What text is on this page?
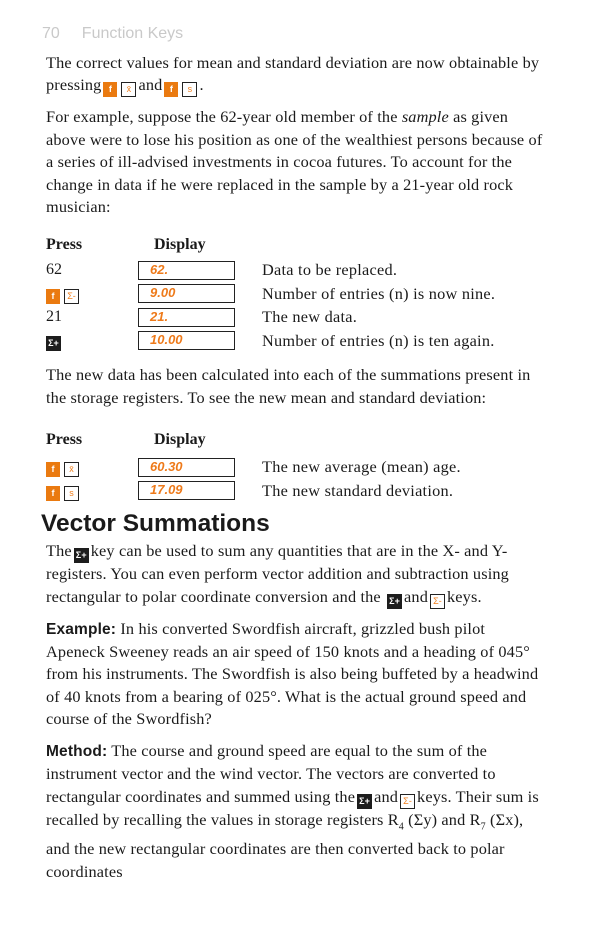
70 Function Keys

The correct values for mean and standard deviation are now obtainable by pressing f x̄ and f s .

For example, suppose the 62-year old member of the sample as given above were to lose his position as one of the wealthiest persons because of a series of ill-advised investments in cocoa futures. To account for the change in data if he were replaced in the sample by a 21-year old rock musician:

Press	Display
62	62.	Data to be replaced.
f Σ-	9.00	Number of entries (n) is now nine.
21	21.	The new data.
Σ+	10.00	Number of entries (n) is ten again.

The new data has been calculated into each of the summations present in the storage registers. To see the new mean and standard deviation:

Press	Display
f x̄	60.30	The new average (mean) age.
f s	17.09	The new standard deviation.
Vector Summations

The Σ+ key can be used to sum any quantities that are in the X- and Y-registers. You can even perform vector addition and subtraction using rectangular to polar coordinate conversion and the Σ+ and Σ- keys.

Example: In his converted Swordfish aircraft, grizzled bush pilot Apeneck Sweeney reads an air speed of 150 knots and a heading of 045° from his instruments. The Swordfish is also being buffeted by a headwind of 40 knots from a bearing of 025°. What is the actual ground speed and course of the Swordfish?

Method: The course and ground speed are equal to the sum of the instrument vector and the wind vector. The vectors are converted to rectangular coordinates and summed using the Σ+ and Σ- keys. Their sum is recalled by recalling the values in storage registers $R_4$ (Σy) and $R_7$ (Σx), and the new rectangular coordinates are then converted back to polar coordinates
